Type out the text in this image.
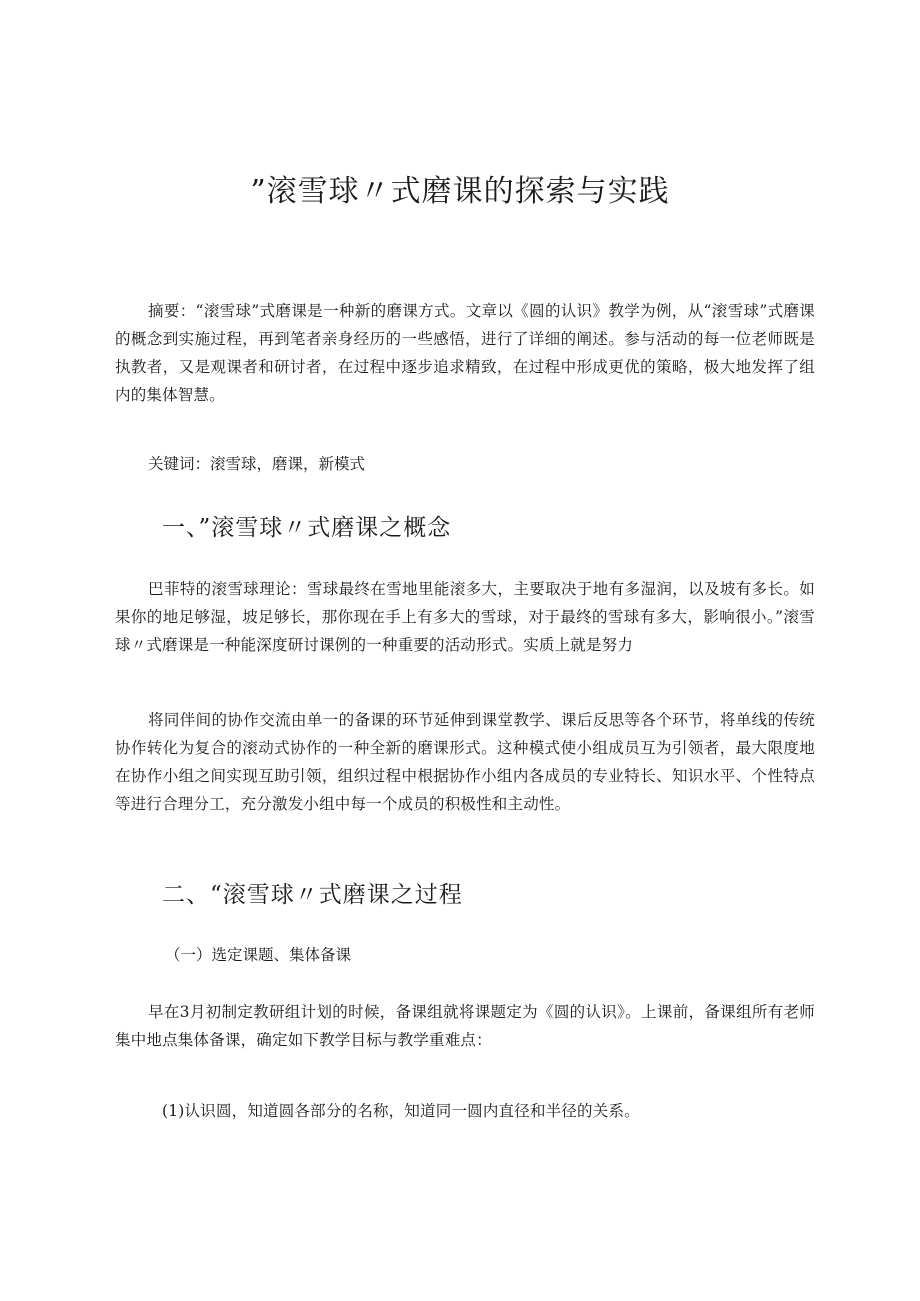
”滚雪球〃式磨课的探索与实践

摘要：“滚雪球”式磨课是一种新的磨课方式。文章以《圆的认识》教学为例，从“滚雪球”式磨课的概念到实施过程，再到笔者亲身经历的一些感悟，进行了详细的阐述。参与活动的每一位老师既是执教者，又是观课者和研讨者，在过程中逐步追求精致，在过程中形成更优的策略，极大地发挥了组内的集体智慧。

关键词：滚雪球，磨课，新模式

一、”滚雪球〃式磨课之概念

巴菲特的滚雪球理论：雪球最终在雪地里能滚多大，主要取决于地有多湿润，以及坡有多长。如果你的地足够湿，坡足够长，那你现在手上有多大的雪球，对于最终的雪球有多大，影响很小。”滚雪球〃式磨课是一种能深度研讨课例的一种重要的活动形式。实质上就是努力

将同伴间的协作交流由单一的备课的环节延伸到课堂教学、课后反思等各个环节，将单线的传统协作转化为复合的滚动式协作的一种全新的磨课形式。这种模式使小组成员互为引领者，最大限度地在协作小组之间实现互助引领，组织过程中根据协作小组内各成员的专业特长、知识水平、个性特点等进行合理分工，充分激发小组中每一个成员的积极性和主动性。

二、“滚雪球〃式磨课之过程

（一）选定课题、集体备课

早在3月初制定教研组计划的时候，备课组就将课题定为《圆的认识》。上课前，备课组所有老师集中地点集体备课，确定如下教学目标与教学重难点：

(1)认识圆，知道圆各部分的名称，知道同一圆内直径和半径的关系。
